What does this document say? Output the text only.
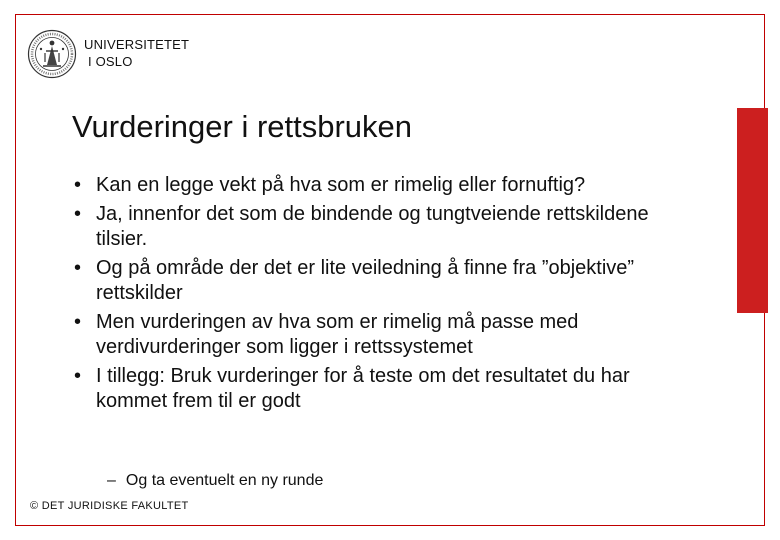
UNIVERSITETET
I OSLO
Vurderinger i rettsbruken
• Kan en legge vekt på hva som er rimelig eller fornuftig?
• Ja, innenfor det som de bindende og tungtveiende rettskildene tilsier.
• Og på område der det er lite veiledning å finne fra ”objektive” rettskilder
• Men vurderingen av hva som er rimelig må passe med verdivurderinger som ligger i rettssystemet
• I tillegg: Bruk vurderinger for å teste om det resultatet du har kommet frem til er godt
– Og ta eventuelt en ny runde
© DET JURIDISKE FAKULTET
